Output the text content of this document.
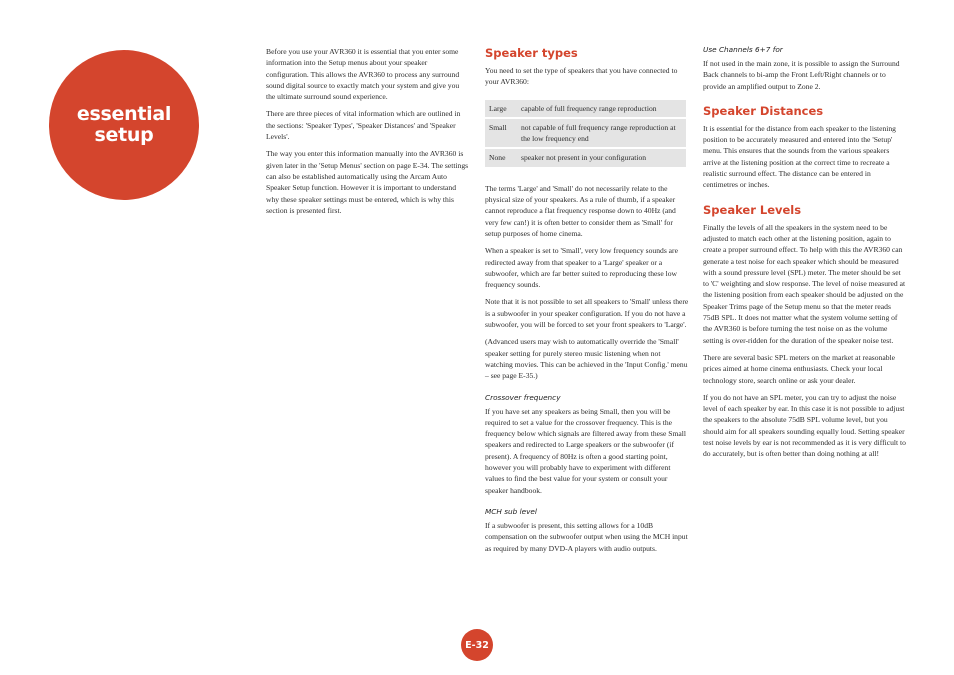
essential
setup

Before you use your AVR360 it is essential that you enter some information into the Setup menus about your speaker configuration. This allows the AVR360 to process any surround sound digital source to exactly match your system and give you the ultimate surround sound experience.

There are three pieces of vital information which are outlined in the sections: 'Speaker Types', 'Speaker Distances' and 'Speaker Levels'.

The way you enter this information manually into the AVR360 is given later in the 'Setup Menus' section on page E-34. The settings can also be established automatically using the Arcam Auto Speaker Setup function. However it is important to understand why these speaker settings must be entered, which is why this section is presented first.

Speaker types

You need to set the type of speakers that you have connected to your AVR360:

Large	capable of full frequency range reproduction
Small	not capable of full frequency range reproduction at the low frequency end
None	speaker not present in your configuration

The terms 'Large' and 'Small' do not necessarily relate to the physical size of your speakers. As a rule of thumb, if a speaker cannot reproduce a flat frequency response down to 40Hz (and very few can!) it is often better to consider them as 'Small' for setup purposes of home cinema.

When a speaker is set to 'Small', very low frequency sounds are redirected away from that speaker to a 'Large' speaker or a subwoofer, which are far better suited to reproducing these low frequency sounds.

Note that it is not possible to set all speakers to 'Small' unless there is a subwoofer in your speaker configuration. If you do not have a subwoofer, you will be forced to set your front speakers to 'Large'.

(Advanced users may wish to automatically override the 'Small' speaker setting for purely stereo music listening when not watching movies. This can be achieved in the 'Input Config.' menu – see page E-35.)

Crossover frequency

If you have set any speakers as being Small, then you will be required to set a value for the crossover frequency. This is the frequency below which signals are filtered away from these Small speakers and redirected to Large speakers or the subwoofer (if present). A frequency of 80Hz is often a good starting point, however you will probably have to experiment with different values to find the best value for your system or consult your speaker handbook.

MCH sub level

If a subwoofer is present, this setting allows for a 10dB compensation on the subwoofer output when using the MCH input as required by many DVD-A players with audio outputs.

Use Channels 6+7 for

If not used in the main zone, it is possible to assign the Surround Back channels to bi-amp the Front Left/Right channels or to provide an amplified output to Zone 2.

Speaker Distances

It is essential for the distance from each speaker to the listening position to be accurately measured and entered into the 'Setup' menu. This ensures that the sounds from the various speakers arrive at the listening position at the correct time to recreate a realistic surround effect. The distance can be entered in centimetres or inches.

Speaker Levels

Finally the levels of all the speakers in the system need to be adjusted to match each other at the listening position, again to create a proper surround effect. To help with this the AVR360 can generate a test noise for each speaker which should be measured with a sound pressure level (SPL) meter. The meter should be set to 'C' weighting and slow response. The level of noise measured at the listening position from each speaker should be adjusted on the Speaker Trims page of the Setup menu so that the meter reads 75dB SPL. It does not matter what the system volume setting of the AVR360 is before turning the test noise on as the volume setting is over-ridden for the duration of the speaker noise test.

There are several basic SPL meters on the market at reasonable prices aimed at home cinema enthusiasts. Check your local technology store, search online or ask your dealer.

If you do not have an SPL meter, you can try to adjust the noise level of each speaker by ear. In this case it is not possible to adjust the speakers to the absolute 75dB SPL volume level, but you should aim for all speakers sounding equally loud. Setting speaker test noise levels by ear is not recommended as it is very difficult to do accurately, but is often better than doing nothing at all!

E-32
